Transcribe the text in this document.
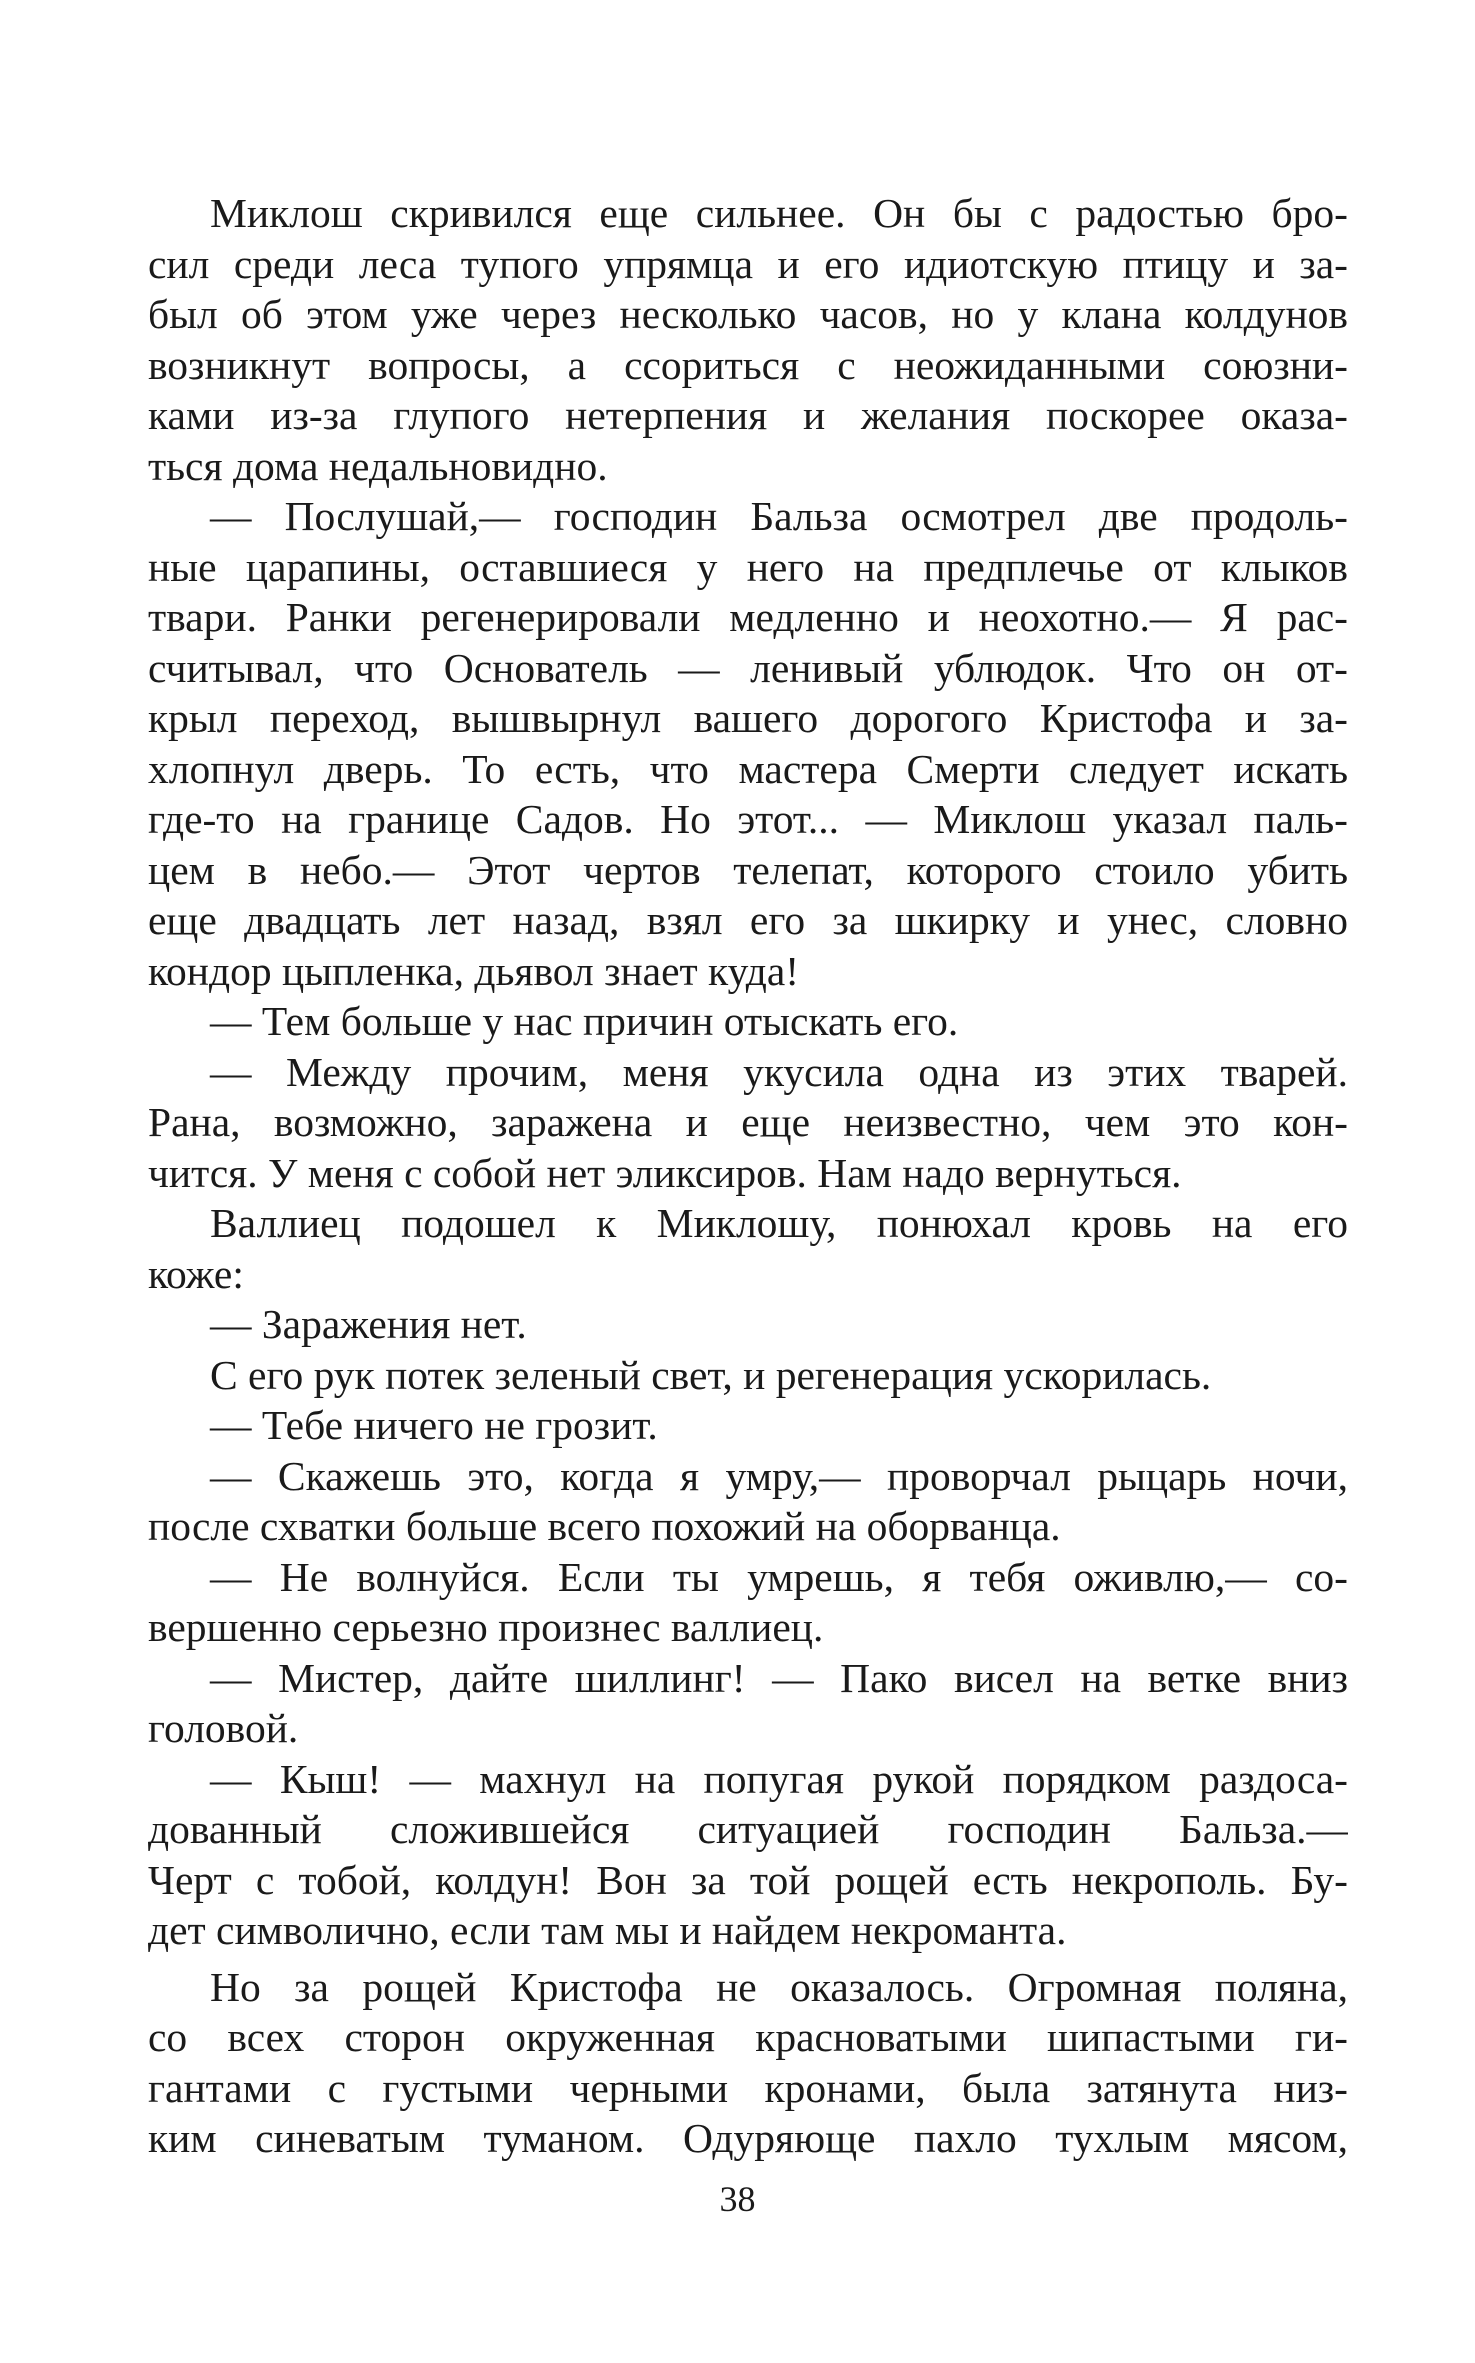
Миклош скривился еще сильнее. Он бы с радостью бро-
сил среди леса тупого упрямца и его идиотскую птицу и за-
был об этом уже через несколько часов, но у клана колдунов
возникнут вопросы, а ссориться с неожиданными союзни-
ками из-за глупого нетерпения и желания поскорее оказа-
ться дома недальновидно.
— Послушай,— господин Бальза осмотрел две продоль-
ные царапины, оставшиеся у него на предплечье от клыков
твари. Ранки регенерировали медленно и неохотно.— Я рас-
считывал, что Основатель — ленивый ублюдок. Что он от-
крыл переход, вышвырнул вашего дорогого Кристофа и за-
хлопнул дверь. То есть, что мастера Смерти следует искать
где-то на границе Садов. Но этот... — Миклош указал паль-
цем в небо.— Этот чертов телепат, которого стоило убить
еще двадцать лет назад, взял его за шкирку и унес, словно
кондор цыпленка, дьявол знает куда!
— Тем больше у нас причин отыскать его.
— Между прочим, меня укусила одна из этих тварей.
Рана, возможно, заражена и еще неизвестно, чем это кон-
чится. У меня с собой нет эликсиров. Нам надо вернуться.
Валлиец подошел к Миклошу, понюхал кровь на его
коже:
— Заражения нет.
С его рук потек зеленый свет, и регенерация ускорилась.
— Тебе ничего не грозит.
— Скажешь это, когда я умру,— проворчал рыцарь ночи,
после схватки больше всего похожий на оборванца.
— Не волнуйся. Если ты умрешь, я тебя оживлю,— со-
вершенно серьезно произнес валлиец.
— Мистер, дайте шиллинг! — Пако висел на ветке вниз
головой.
— Кыш! — махнул на попугая рукой порядком раздоса-
дованный сложившейся ситуацией господин Бальза.—
Черт с тобой, колдун! Вон за той рощей есть некрополь. Бу-
дет символично, если там мы и найдем некроманта.
Но за рощей Кристофа не оказалось. Огромная поляна,
со всех сторон окруженная красноватыми шипастыми ги-
гантами с густыми черными кронами, была затянута низ-
ким синеватым туманом. Одуряюще пахло тухлым мясом,
38
